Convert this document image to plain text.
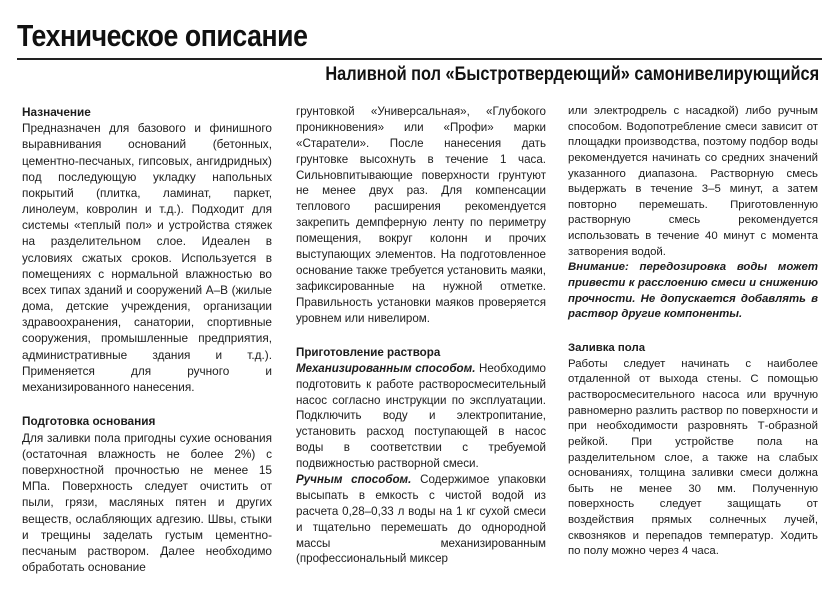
Техническое описание
Наливной пол «Быстротвердеющий» самонивелирующийся

Назначение

Предназначен для базового и финишного выравнивания оснований (бетонных, цементно-песчаных, гипсовых, ангидридных) под последующую укладку напольных покрытий (плитка, ламинат, паркет, линолеум, ковролин и т.д.). Подходит для системы «теплый пол» и устройства стяжек на разделительном слое. Идеален в условиях сжатых сроков. Используется в помещениях с нормальной влажностью во всех типах зданий и сооружений А–В (жилые дома, детские учреждения, организации здравоохранения, санатории, спортивные сооружения, промышленные предприятия, административные здания и т.д.). Применяется для ручного и механизированного нанесения.

Подготовка основания

Для заливки пола пригодны сухие основания (остаточная влажность не более 2%) с поверхностной прочностью не менее 15 МПа. Поверхность следует очистить от пыли, грязи, масляных пятен и других веществ, ослабляющих адгезию. Швы, стыки и трещины заделать густым цементно-песчаным раствором. Далее необходимо обработать основание

грунтовкой «Универсальная», «Глубокого проникновения» или «Профи» марки «Старатели». После нанесения дать грунтовке высохнуть в течение 1 часа. Сильновпитывающие поверхности грунтуют не менее двух раз. Для компенсации теплового расширения рекомендуется закрепить демпферную ленту по периметру помещения, вокруг колонн и прочих выступающих элементов. На подготовленное основание также требуется установить маяки, зафиксированные на нужной отметке. Правильность установки маяков проверяется уровнем или нивелиром.

Приготовление раствора

Механизированным способом. Необходимо подготовить к работе растворосмесительный насос согласно инструкции по эксплуатации. Подключить воду и электропитание, установить расход поступающей в насос воды в соответствии с требуемой подвижностью растворной смеси.

Ручным способом. Содержимое упаковки высыпать в емкость с чистой водой из расчета 0,28–0,33 л воды на 1 кг сухой смеси и тщательно перемешать до однородной массы механизированным (профессиональный миксер

или электродрель с насадкой) либо ручным способом. Водопотребление смеси зависит от площадки производства, поэтому подбор воды рекомендуется начинать со средних значений указанного диапазона. Растворную смесь выдержать в течение 3–5 минут, а затем повторно перемешать. Приготовленную растворную смесь рекомендуется использовать в течение 40 минут с момента затворения водой.

Внимание: передозировка воды может привести к расслоению смеси и снижению прочности. Не допускается добавлять в раствор другие компоненты.

Заливка пола

Работы следует начинать с наиболее отдаленной от выхода стены. С помощью растворосмесительного насоса или вручную равномерно разлить раствор по поверхности и при необходимости разровнять Т-образной рейкой. При устройстве пола на разделительном слое, а также на слабых основаниях, толщина заливки смеси должна быть не менее 30 мм. Полученную поверхность следует защищать от воздействия прямых солнечных лучей, сквозняков и перепадов температур. Ходить по полу можно через 4 часа.
